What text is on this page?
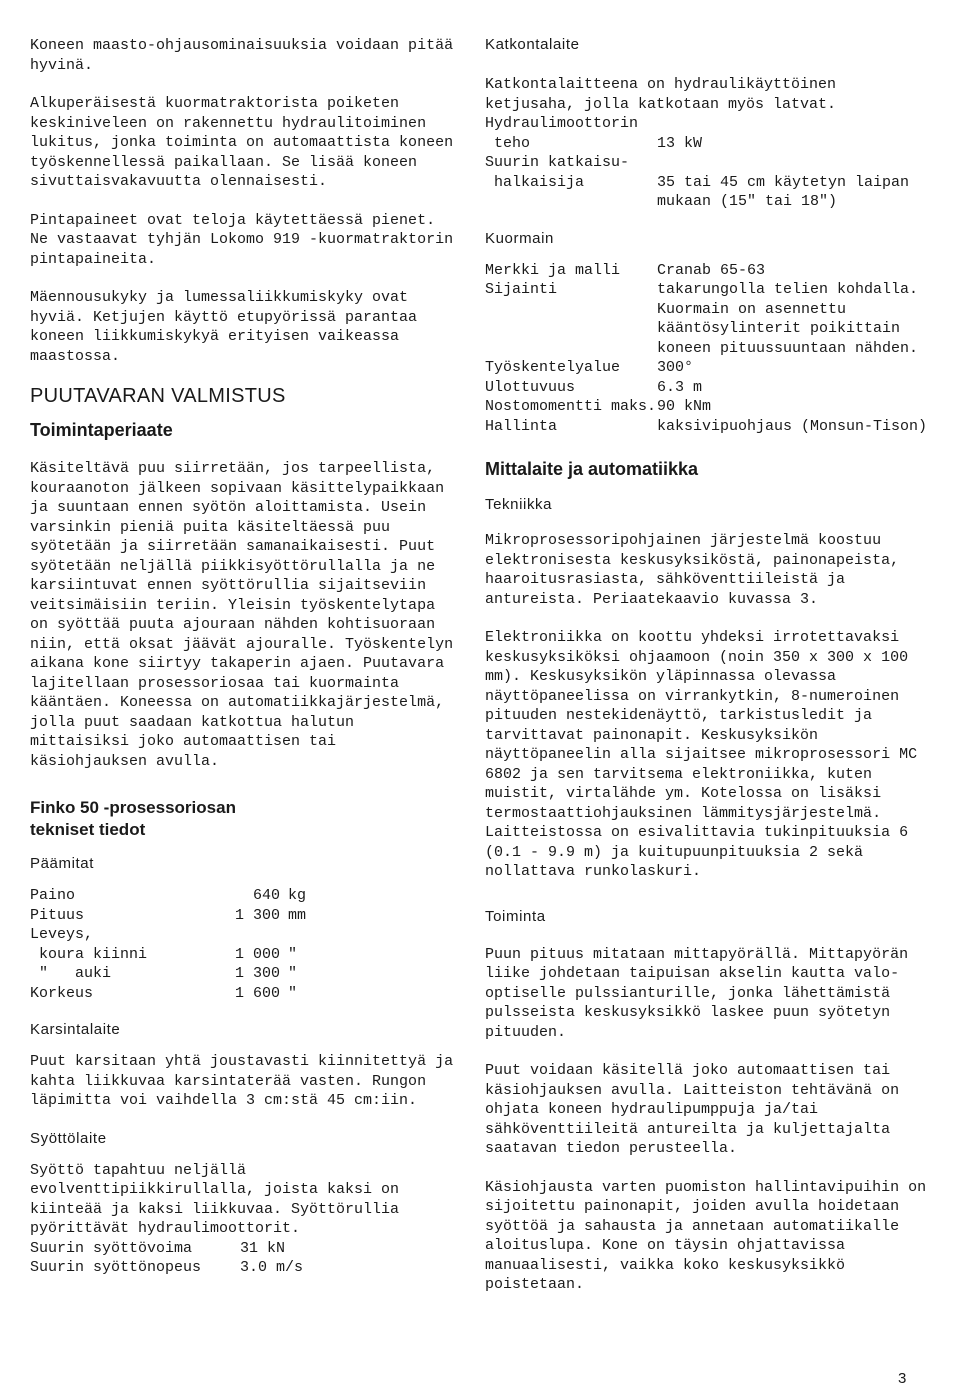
Koneen maasto-ohjausominaisuuksia voidaan pitää hyvinä.

Alkuperäisestä kuormatraktorista poiketen keskiniveleen on rakennettu hydraulitoiminen lukitus, jonka toiminta on automaattista koneen työskennellessä paikallaan. Se lisää koneen sivuttaisvakavuutta olennaisesti.

Pintapaineet ovat teloja käytettäessä pienet. Ne vastaavat tyhjän Lokomo 919 -kuormatraktorin pintapaineita.

Mäennousukyky ja lumessaliikkumiskyky ovat hyviä. Ketjujen käyttö etupyörissä parantaa koneen liikkumiskykyä erityisen vaikeassa maastossa.

PUUTAVARAN VALMISTUS
Toimintaperiaate

Käsiteltävä puu siirretään, jos tarpeellista, kouraanoton jälkeen sopivaan käsittelypaikkaan ja suuntaan ennen syötön aloittamista. Usein varsinkin pieniä puita käsiteltäessä puu syötetään ja siirretään samanaikaisesti. Puut syötetään neljällä piikkisyöttörullalla ja ne karsiintuvat ennen syöttörullia sijaitseviin veitsimäisiin teriin. Yleisin työskentelytapa on syöttää puuta ajouraan nähden kohtisuoraan niin, että oksat jäävät ajouralle. Työskentelyn aikana kone siirtyy takaperin ajaen. Puutavara lajitellaan prosessoriosaa tai kuormainta kääntäen. Koneessa on automatiikkajärjestelmä, jolla puut saadaan katkottua halutun mittaisiksi joko automaattisen tai käsiohjauksen avulla.

Finko 50 -prosessoriosan
tekniset tiedot
Päämitat
Paino	640 kg
Pituus	1 300 mm
Leveys,
koura kiinni	1 000 "
"   auki	1 300 "
Korkeus	1 600 "
Karsintalaite

Puut karsitaan yhtä joustavasti kiinnitettyä ja kahta liikkuvaa karsintaterää vasten. Rungon läpimitta voi vaihdella 3 cm:stä 45 cm:iin.

Syöttölaite

Syöttö tapahtuu neljällä evolventtipiikkirullalla, joista kaksi on kiinteää ja kaksi liikkuvaa. Syöttörullia pyörittävät hydraulimoottorit.

Suurin syöttövoima	31 kN
Suurin syöttönopeus	3.0 m/s
Katkontalaite

Katkontalaitteena on hydraulikäyttöinen ketjusaha, jolla katkotaan myös latvat.

Hydraulimoottorin
teho	13 kW
Suurin katkaisu-
halkaisija	35 tai 45 cm käytetyn laipan mukaan (15" tai 18")
Kuormain
Merkki ja malli	Cranab 65-63
Sijainti	takarungolla telien kohdalla. Kuormain on asennettu kääntösylinterit poikittain koneen pituussuuntaan nähden.
Työskentelyalue	300°
Ulottuvuus	6.3 m
Nostomomentti maks. 90 kNm
Hallinta	kaksivipuohjaus (Monsun-Tison)
Mittalaite ja automatiikka
Tekniikka

Mikroprosessoripohjainen järjestelmä koostuu elektronisesta keskusyksiköstä, painonapeista, haaroitusrasiasta, sähköventtiileistä ja antureista. Periaatekaavio kuvassa 3.

Elektroniikka on koottu yhdeksi irrotettavaksi keskusyksiköksi ohjaamoon (noin 350 x 300 x 100 mm). Keskusyksikön yläpinnassa olevassa näyttöpaneelissa on virrankytkin, 8-numeroinen pituuden nestekidenäyttö, tarkistusledit ja tarvittavat painonapit. Keskusyksikön näyttöpaneelin alla sijaitsee mikroprosessori MC 6802 ja sen tarvitsema elektroniikka, kuten muistit, virtalähde ym. Kotelossa on lisäksi termostaattiohjauksinen lämmitysjärjestelmä. Laitteistossa on esivalittavia tukinpituuksia 6 (0.1 - 9.9 m) ja kuitupuunpituuksia 2 sekä nollattava runkolaskuri.

Toiminta

Puun pituus mitataan mittapyörällä. Mittapyörän liike johdetaan taipuisan akselin kautta valo-optiselle pulssianturille, jonka lähettämistä pulsseista keskusyksikkö laskee puun syötetyn pituuden.

Puut voidaan käsitellä joko automaattisen tai käsiohjauksen avulla. Laitteiston tehtävänä on ohjata koneen hydraulipumppuja ja/tai sähköventtiileitä antureilta ja kuljettajalta saatavan tiedon perusteella.

Käsiohjausta varten puomiston hallintavipuihin on sijoitettu painonapit, joiden avulla hoidetaan syöttöä ja sahausta ja annetaan automatiikalle aloituslupa. Kone on täysin ohjattavissa manuaalisesti, vaikka koko keskusyksikkö poistetaan.

3
